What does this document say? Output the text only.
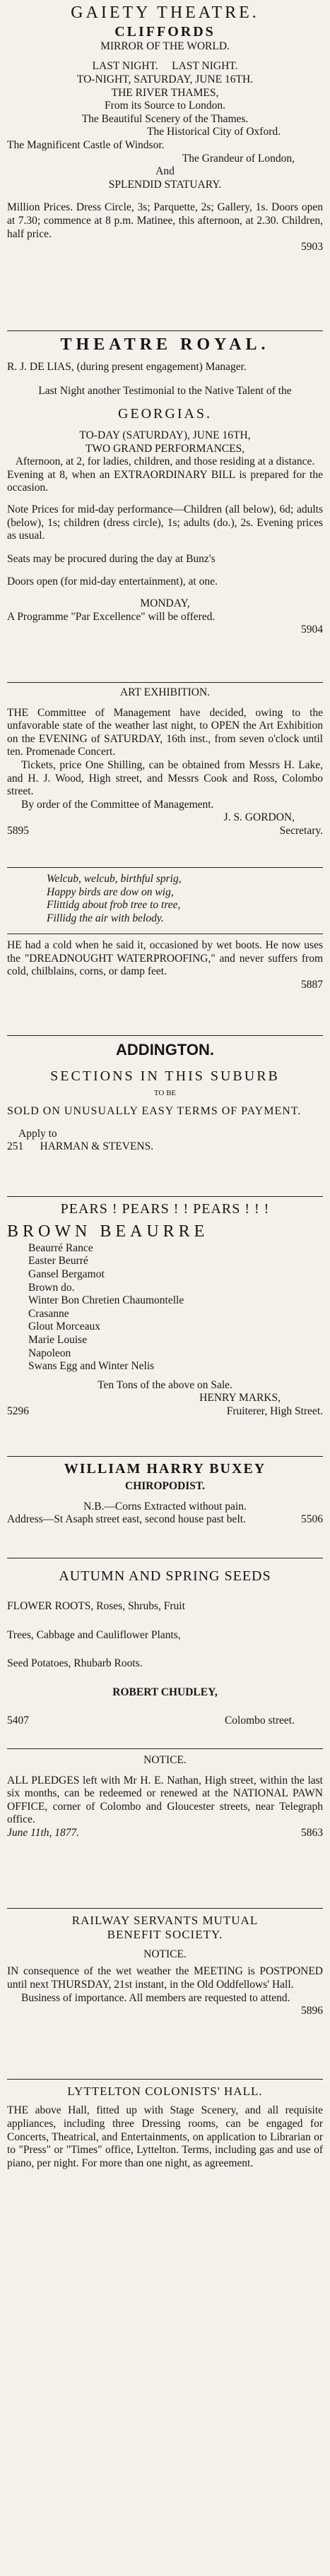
GAIETY THEATRE.
CLIFFORDS
MIRROR OF THE WORLD.
LAST NIGHT.     LAST NIGHT.
TO-NIGHT, SATURDAY, JUNE 16TH.
THE RIVER THAMES,
From its Source to London.
The Beautiful Scenery of the Thames.
The Historical City of Oxford.
The Magnificent Castle of Windsor.
The Grandeur of London,
And
SPLENDID STATUARY.
Million Prices. Dress Circle, 3s; Parquette, 2s; Gallery, 1s. Doors open at 7.30; commence at 8 p.m. Matinee, this afternoon, at 2.30. Children, half price.
5903
THEATRE ROYAL.
R. J. DE LIAS, (during present engagement) Manager.
Last Night another Testimonial to the Native Talent of the
GEORGIAS.
TO-DAY (SATURDAY), JUNE 16TH,
TWO GRAND PERFORMANCES,
Afternoon, at 2, for ladies, children, and those residing at a distance.
Evening at 8, when an EXTRAORDINARY BILL is prepared for the occasion.
Note Prices for mid-day performance—Children (all below), 6d; adults (below), 1s; children (dress circle), 1s; adults (do.), 2s. Evening prices as usual.
Seats may be procured during the day at Bunz's
Doors open (for mid-day entertainment), at one.
MONDAY,
A Programme "Par Excellence" will be offered.
5904
ART EXHIBITION.
THE Committee of Management have decided, owing to the unfavorable state of the weather last night, to OPEN the Art Exhibition on the EVENING of SATURDAY, 16th inst., from seven o'clock until ten. Promenade Concert.
Tickets, price One Shilling, can be obtained from Messrs H. Lake, and H. J. Wood, High street, and Messrs Cook and Ross, Colombo street.
By order of the Committee of Management.
J. S. GORDON,
5895	Secretary.
Welcub, welcub, birthful sprig,
Happy birds are dow on wig,
Flittidg about frob tree to tree,
Fillidg the air with belody.
HE had a cold when he said it, occasioned by wet boots. He now uses the "DREADNOUGHT WATERPROOFING," and never suffers from cold, chilblains, corns, or damp feet.
5887
ADDINGTON.
SECTIONS IN THIS SUBURB
TO BE
SOLD ON UNUSUALLY EASY TERMS OF PAYMENT.
Apply to
251      HARMAN & STEVENS.
PEARS ! PEARS ! ! PEARS ! ! !
BROWN BEAURRE
Beaurré Rance
Easter Beurré
Gansel Bergamot
Brown do.
Winter Bon Chretien Chaumontelle
Crasanne
Glout Morceaux
Marie Louise
Napoleon
Swans Egg and Winter Nelis
Ten Tons of the above on Sale.
HENRY MARKS,
5296	Fruiterer, High Street.
WILLIAM HARRY BUXEY
CHIROPODIST.
N.B.—Corns Extracted without pain.
Address—St Asaph street east, second house past belt.	5506
AUTUMN AND SPRING SEEDS
FLOWER ROOTS, Roses, Shrubs, Fruit
Trees, Cabbage and Cauliflower Plants,
Seed Potatoes, Rhubarb Roots.
ROBERT CHUDLEY,
5407	Colombo street.
NOTICE.
ALL PLEDGES left with Mr H. E. Nathan, High street, within the last six months, can be redeemed or renewed at the NATIONAL PAWN OFFICE, corner of Colombo and Gloucester streets, near Telegraph office.
June 11th, 1877.	5863
RAILWAY SERVANTS MUTUAL
BENEFIT SOCIETY.
NOTICE.
IN consequence of the wet weather the MEETING is POSTPONED until next THURSDAY, 21st instant, in the Old Oddfellows' Hall.
Business of importance. All members are requested to attend.
5896
LYTTELTON COLONISTS' HALL.
THE above Hall, fitted up with Stage Scenery, and all requisite appliances, including three Dressing rooms, can be engaged for Concerts, Theatrical, and Entertainments, on application to Librarian or to "Press" or "Times" office, Lyttelton. Terms, including gas and use of piano, per night. For more than one night, as agreement.
